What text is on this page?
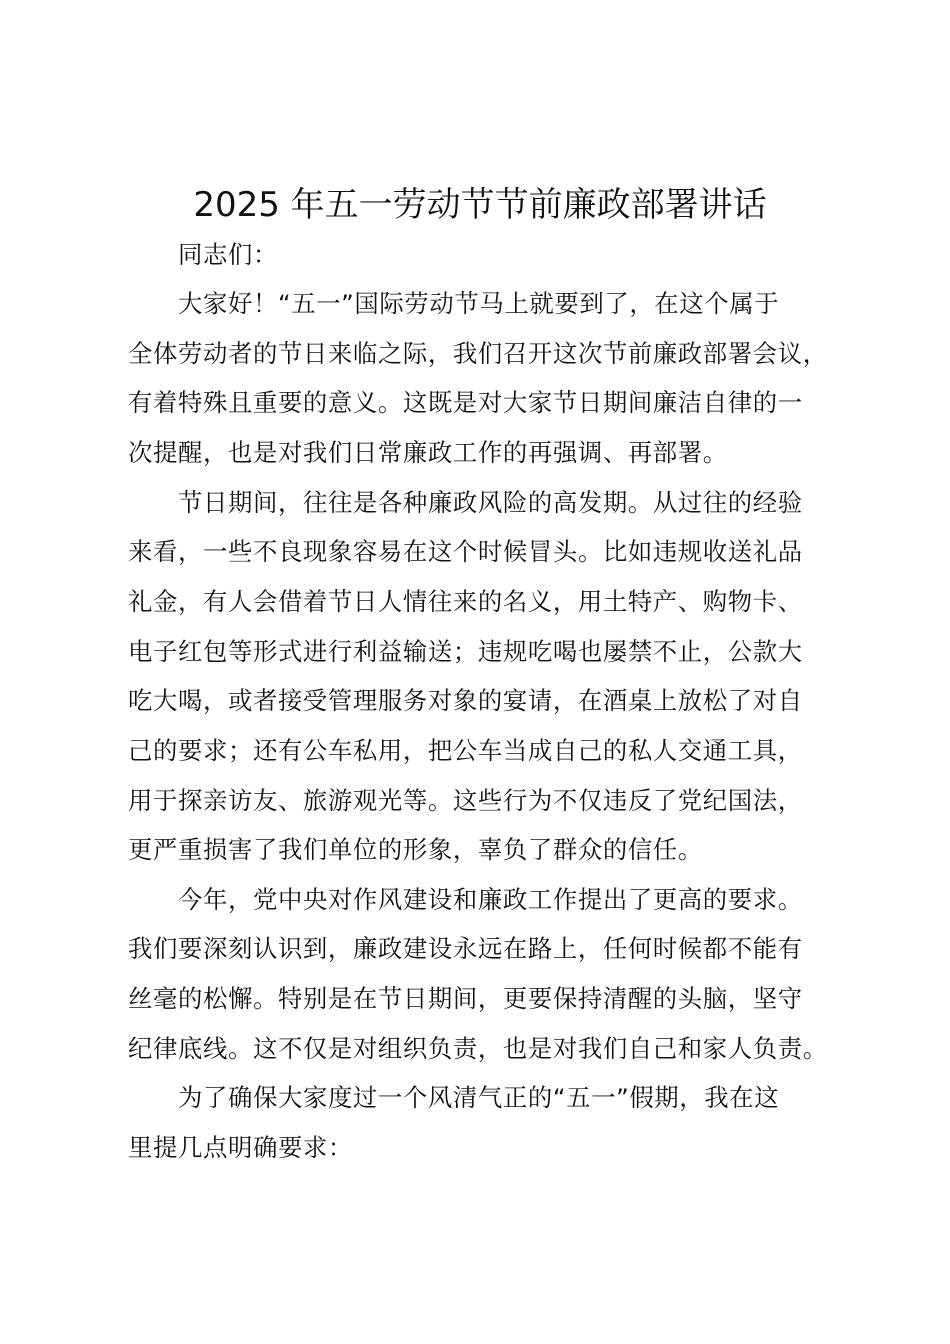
2025 年五一劳动节节前廉政部署讲话
同志们：
大家好！“五一”国际劳动节马上就要到了，在这个属于
全体劳动者的节日来临之际，我们召开这次节前廉政部署会议，
有着特殊且重要的意义。这既是对大家节日期间廉洁自律的一
次提醒，也是对我们日常廉政工作的再强调、再部署。
节日期间，往往是各种廉政风险的高发期。从过往的经验
来看，一些不良现象容易在这个时候冒头。比如违规收送礼品
礼金，有人会借着节日人情往来的名义，用土特产、购物卡、
电子红包等形式进行利益输送；违规吃喝也屡禁不止，公款大
吃大喝，或者接受管理服务对象的宴请，在酒桌上放松了对自
己的要求；还有公车私用，把公车当成自己的私人交通工具，
用于探亲访友、旅游观光等。这些行为不仅违反了党纪国法，
更严重损害了我们单位的形象，辜负了群众的信任。
今年，党中央对作风建设和廉政工作提出了更高的要求。
我们要深刻认识到，廉政建设永远在路上，任何时候都不能有
丝毫的松懈。特别是在节日期间，更要保持清醒的头脑，坚守
纪律底线。这不仅是对组织负责，也是对我们自己和家人负责。
为了确保大家度过一个风清气正的“五一”假期，我在这
里提几点明确要求：
